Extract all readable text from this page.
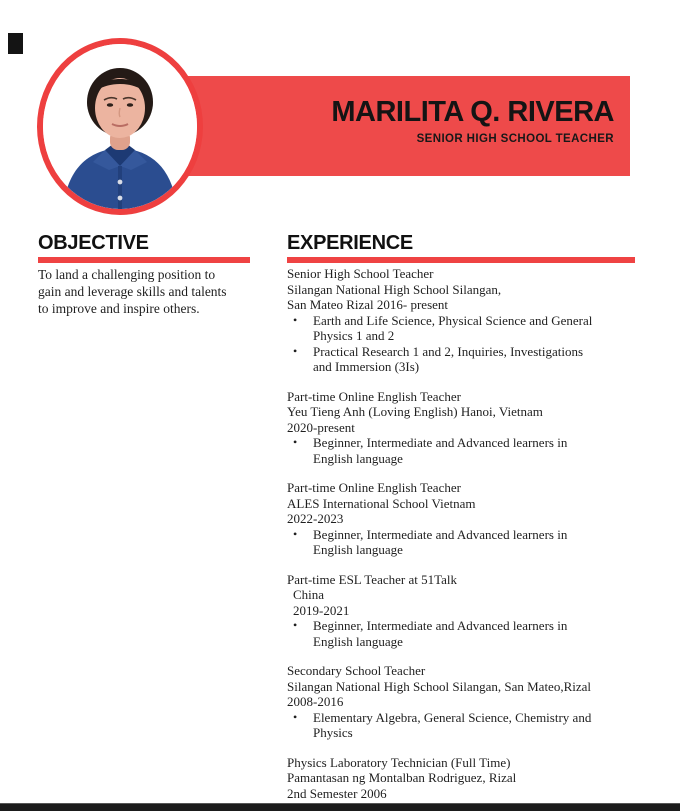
MARILITA Q. RIVERA
SENIOR HIGH SCHOOL TEACHER
OBJECTIVE

To land a challenging position to

gain and leverage skills and talents

to improve and inspire others.

EXPERIENCE
Senior High School Teacher
Silangan National High School Silangan,
San Mateo Rizal 2016- present
•	Earth and Life Science, Physical Science and General
Physics 1 and 2
•	Practical Research 1 and 2, Inquiries, Investigations
and Immersion (3Is)
Part-time Online English Teacher
Yeu Tieng Anh (Loving English) Hanoi, Vietnam
2020-present
•	Beginner, Intermediate and Advanced learners in
English language
Part-time Online English Teacher
ALES International School Vietnam
2022-2023
•	Beginner, Intermediate and Advanced learners in
English language
Part-time ESL Teacher at 51Talk
China
2019-2021
•	Beginner, Intermediate and Advanced learners in
English language
Secondary School Teacher
Silangan National High School Silangan, San Mateo,Rizal
2008-2016
•	Elementary Algebra, General Science, Chemistry and
Physics
Physics Laboratory Technician (Full Time)
Pamantasan ng Montalban Rodriguez, Rizal
2nd Semester 2006
